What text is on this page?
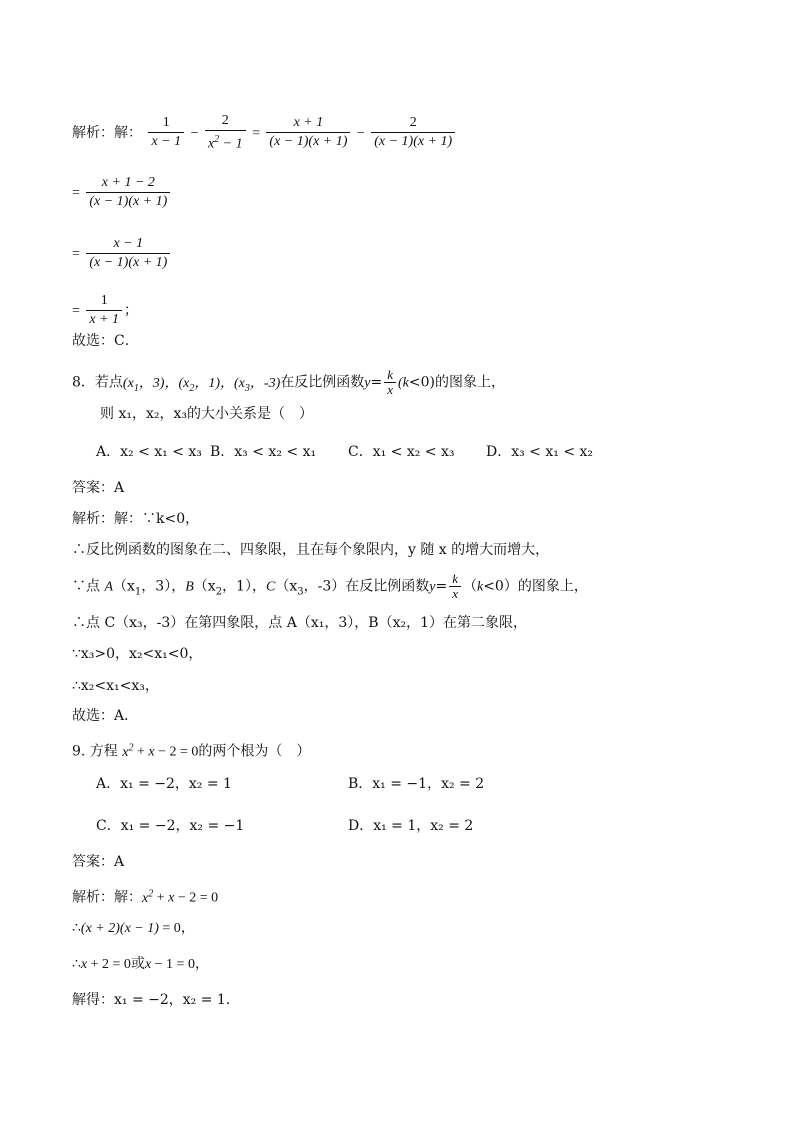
解析：解： $\frac{1}{x - 1} - \frac{2}{x^2 - 1} = \frac{x + 1}{(x - 1)(x + 1)} - \frac{2}{(x - 1)(x + 1)}$
= $\frac{x + 1 - 2}{(x - 1)(x + 1)}$
= $\frac{x - 1}{(x - 1)(x + 1)}$
= $\frac{1}{x + 1}$ ；
故选：C．
8．若点($x_1$，3)，($x_2$，1)，($x_3$，-3)在反比例函数$y= \frac{k}{x} (k<0)$的图象上，
则 x₁，x₂，x₃的大小关系是（　）
A．x₂ < x₁ < x₃ B．x₃ < x₂ < x₁ C．x₁ < x₂ < x₃ D．x₃ < x₁ < x₂
答案：A
解析：解：∵k<0，
∴反比例函数的图象在二、四象限，且在每个象限内，y 随 x 的增大而增大，
∵点 $A(x_1$，3），$B(x_2$，1），$C(x_3$，-3）在反比例函数$y= \frac{k}{x} (k<0)$的图象上，
∴点 C（x₃，-3）在第四象限，点 A（x₁，3），B（x₂，1）在第二象限，
∵x₃>0，x₂<x₁<0，
∴x₂<x₁<x₃，
故选：A．
9. 方程 $x^2 + x - 2 = 0$的两个根为（　）
A．x₁ = −2，x₂ = 1	B．x₁ = −1，x₂ = 2
C．x₁ = −2，x₂ = −1	D．x₁ = 1，x₂ = 2
答案：A
解析：解：$x^2 + x - 2 = 0$
∴(x + 2)(x − 1) = 0，
∴x + 2 = 0或x − 1 = 0，
解得：x₁ = −2，x₂ = 1．
